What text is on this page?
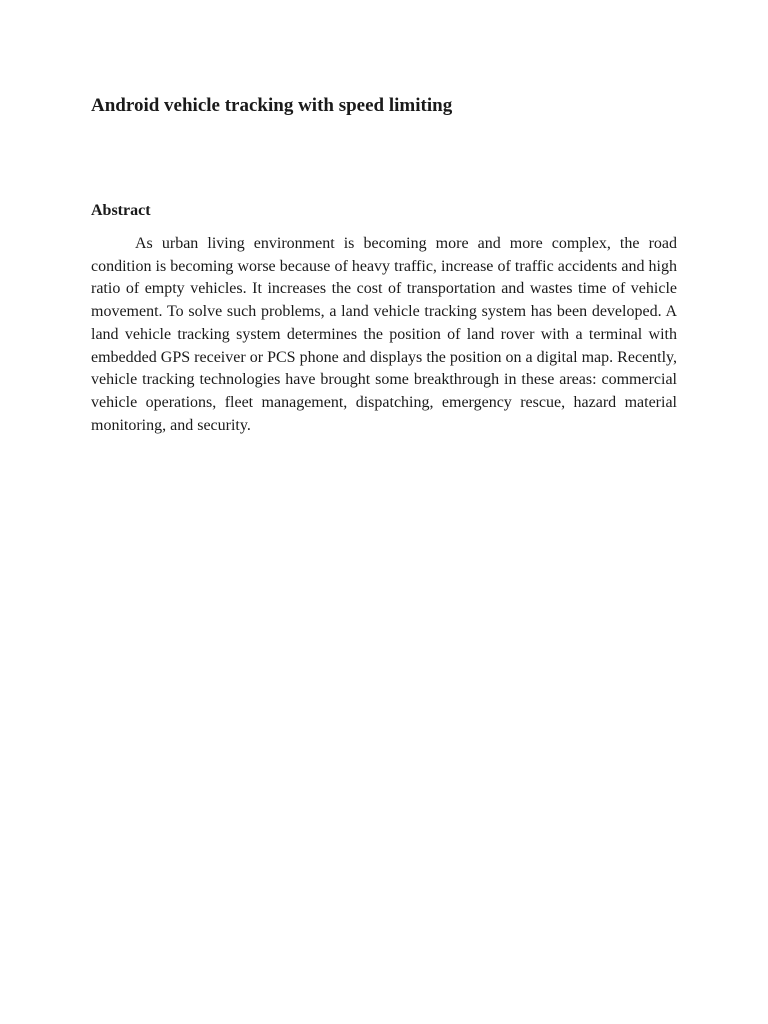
Android vehicle tracking with speed limiting
Abstract

As urban living environment is becoming more and more complex, the road condition is becoming worse because of heavy traffic, increase of traffic accidents and high ratio of empty vehicles. It increases the cost of transportation and wastes time of vehicle movement. To solve such problems, a land vehicle tracking system has been developed. A land vehicle tracking system determines the position of land rover with a terminal with embedded GPS receiver or PCS phone and displays the position on a digital map. Recently, vehicle tracking technologies have brought some breakthrough in these areas: commercial vehicle operations, fleet management, dispatching, emergency rescue, hazard material monitoring, and security.
